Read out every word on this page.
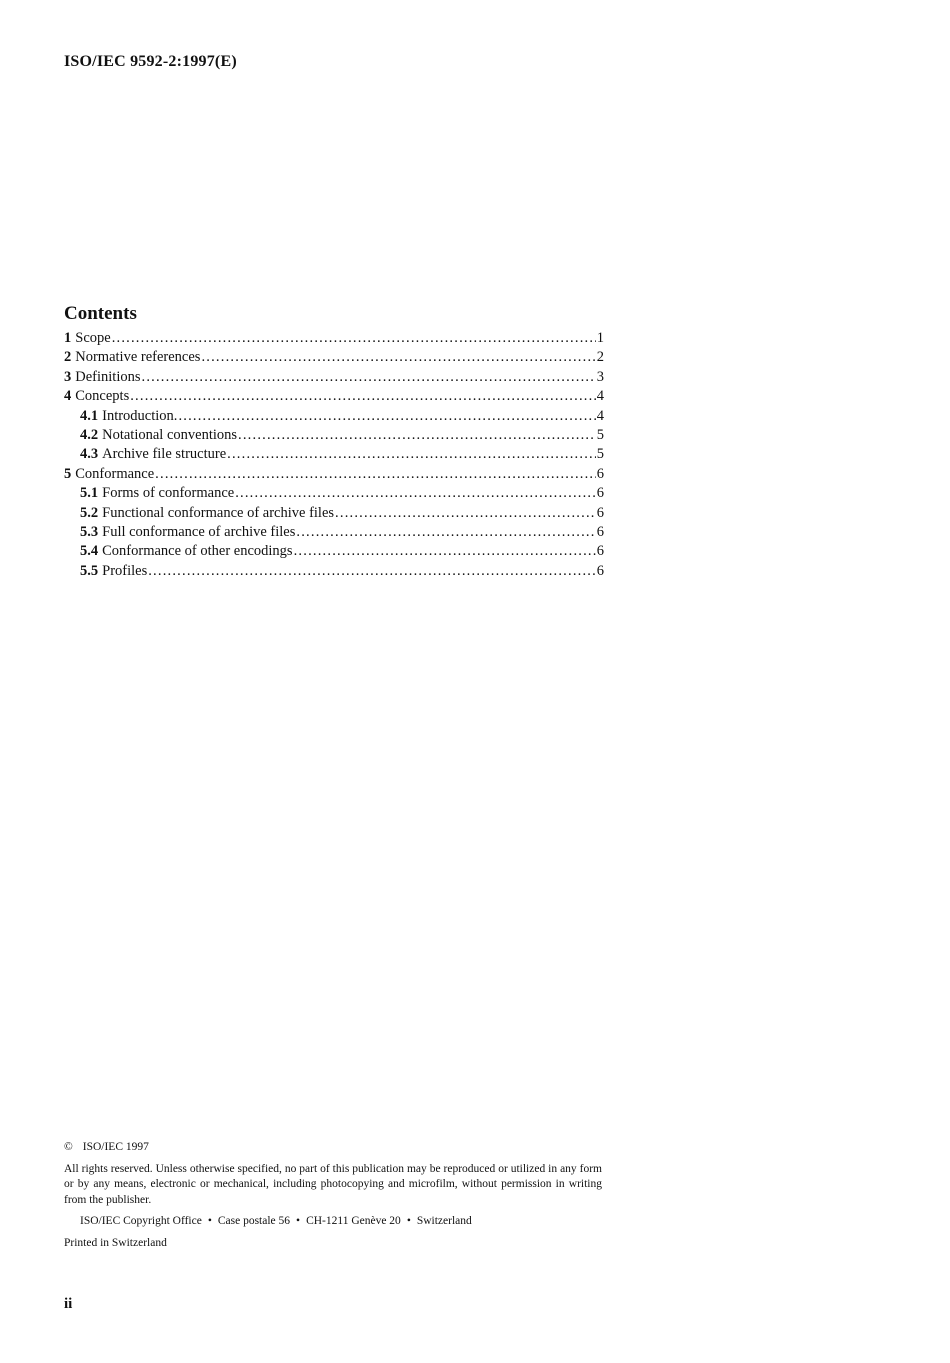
ISO/IEC 9592-2:1997(E)
Contents
1 Scope .....	1
2 Normative references .....	2
3 Definitions .....	3
4 Concepts .....	4
4.1 Introduction. .....	4
4.2 Notational conventions .....	5
4.3 Archive file structure .....	5
5 Conformance .....	6
5.1 Forms of conformance .....	6
5.2 Functional conformance of archive files .....	6
5.3 Full conformance of archive files .....	6
5.4 Conformance of other encodings .....	6
5.5 Profiles .....	6

© ISO/IEC 1997

All rights reserved. Unless otherwise specified, no part of this publication may be reproduced or utilized in any form or by any means, electronic or mechanical, including photocopying and microfilm, without permission in writing from the publisher.

ISO/IEC Copyright Office • Case postale 56 • CH-1211 Genève 20 • Switzerland

Printed in Switzerland

ii
